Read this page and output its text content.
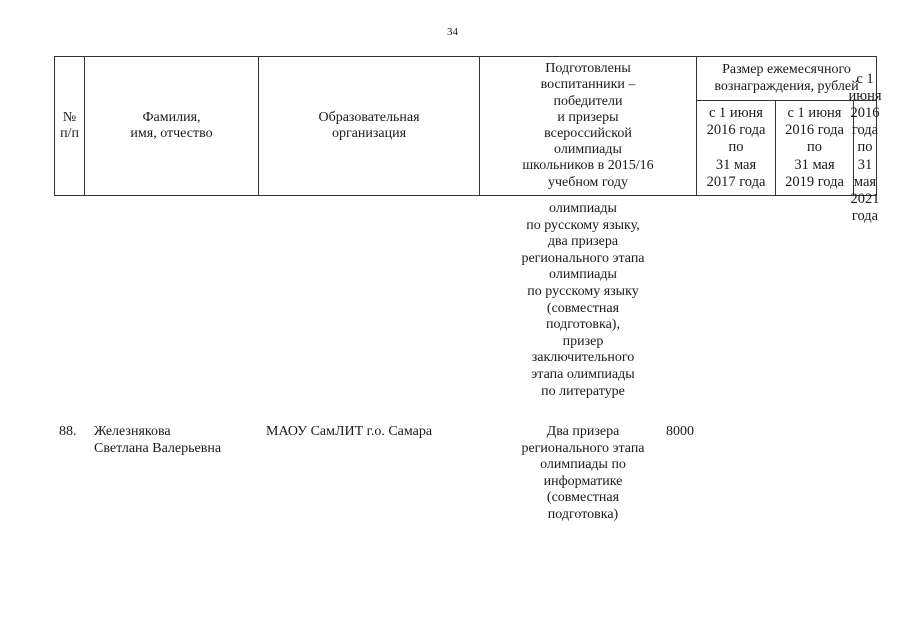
34
№
п/п
Фамилия,
имя, отчество
Образовательная
организация
Подготовлены
воспитанники –
победители
и призеры
всероссийской
олимпиады
школьников в 2015/16
учебном году
Размер ежемесячного
вознаграждения, рублей
с 1 июня
2016 года
по
31 мая
2017 года
с 1 июня
2016 года
по
31 мая
2019 года
с 1 июня
2016 года
по
31 мая
2021 года
олимпиады
по русскому языку,
два призера
регионального этапа
олимпиады
по русскому языку
(совместная
подготовка),
призер
заключительного
этапа олимпиады
по литературе
88.	Железнякова
Светлана Валерьевна
МАОУ СамЛИТ г.о. Самара	Два призера
регионального этапа
олимпиады по
информатике
(совместная
подготовка)
8000
